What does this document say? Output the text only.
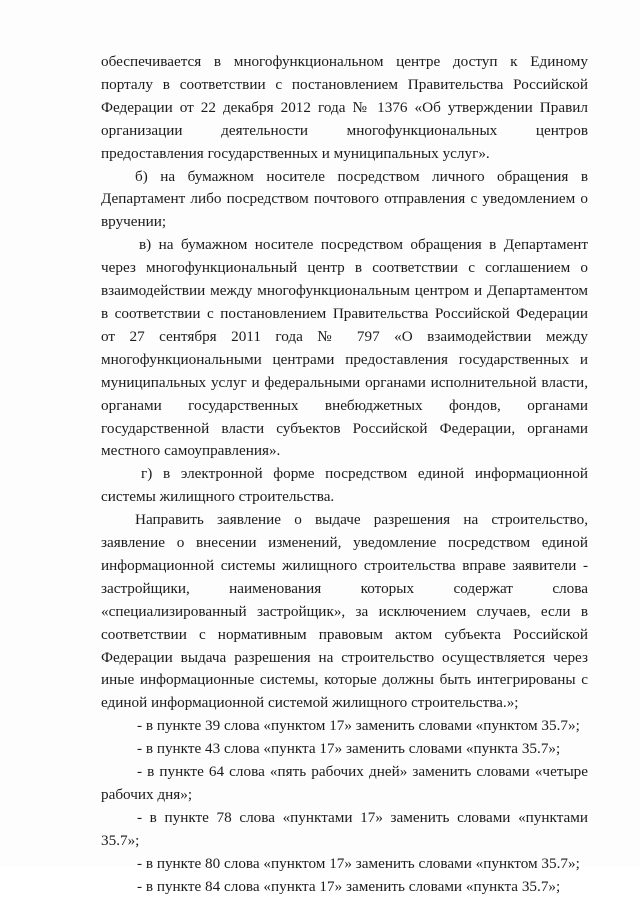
обеспечивается в многофункциональном центре доступ к Единому порталу в соответствии с постановлением Правительства Российской Федерации от 22 декабря 2012 года № 1376 «Об утверждении Правил организации деятельности многофункциональных центров предоставления государственных и муниципальных услуг».

б) на бумажном носителе посредством личного обращения в Департамент либо посредством почтового отправления с уведомлением о вручении;

в) на бумажном носителе посредством обращения в Департамент через многофункциональный центр в соответствии с соглашением о взаимодействии между многофункциональным центром и Департаментом в соответствии с постановлением Правительства Российской Федерации от 27 сентября 2011 года № 797 «О взаимодействии между многофункциональными центрами предоставления государственных и муниципальных услуг и федеральными органами исполнительной власти, органами государственных внебюджетных фондов, органами государственной власти субъектов Российской Федерации, органами местного самоуправления».

г) в электронной форме посредством единой информационной системы жилищного строительства.

Направить заявление о выдаче разрешения на строительство, заявление о внесении изменений, уведомление посредством единой информационной системы жилищного строительства вправе заявители - застройщики, наименования которых содержат слова «специализированный застройщик», за исключением случаев, если в соответствии с нормативным правовым актом субъекта Российской Федерации выдача разрешения на строительство осуществляется через иные информационные системы, которые должны быть интегрированы с единой информационной системой жилищного строительства.»;

- в пункте 39 слова «пунктом 17» заменить словами «пунктом 35.7»;

- в пункте 43 слова «пункта 17» заменить словами «пункта 35.7»;

- в пункте 64 слова «пять рабочих дней» заменить словами «четыре рабочих дня»;

- в пункте 78 слова «пунктами 17» заменить словами «пунктами 35.7»;

- в пункте 80 слова «пунктом 17» заменить словами «пунктом 35.7»;

- в пункте 84 слова «пункта 17» заменить словами «пункта 35.7»;
